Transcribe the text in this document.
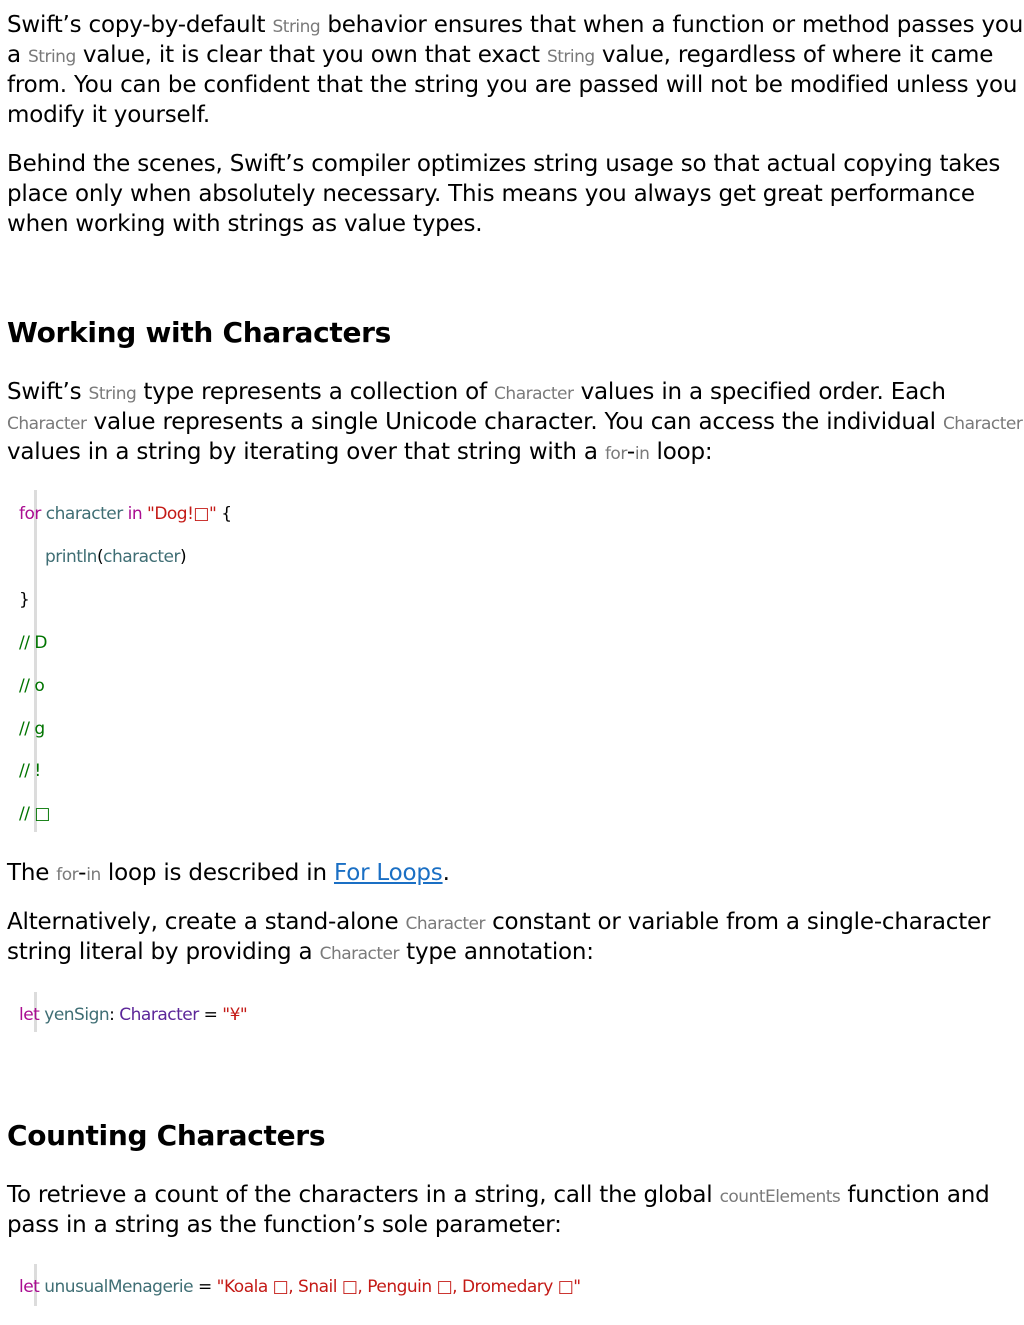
Swift’s copy-by-default String behavior ensures that when a function or method passes you

a String value, it is clear that you own that exact String value, regardless of where it came

from. You can be confident that the string you are passed will not be modified unless you

modify it yourself.

Behind the scenes, Swift’s compiler optimizes string usage so that actual copying takes

place only when absolutely necessary. This means you always get great performance

when working with strings as value types.

Working with Characters

Swift’s String type represents a collection of Character values in a specified order. Each

Character value represents a single Unicode character. You can access the individual Character

values in a string by iterating over that string with a for-in loop:

for character in "Dog!□" {
println(character)
}
// D
// o
// g
// !
// □

The for-in loop is described in For Loops.

Alternatively, create a stand-alone Character constant or variable from a single-character

string literal by providing a Character type annotation:

let yenSign: Character = "¥"
Counting Characters

To retrieve a count of the characters in a string, call the global countElements function and

pass in a string as the function’s sole parameter:

let unusualMenagerie = "Koala □, Snail □, Penguin □, Dromedary □"
